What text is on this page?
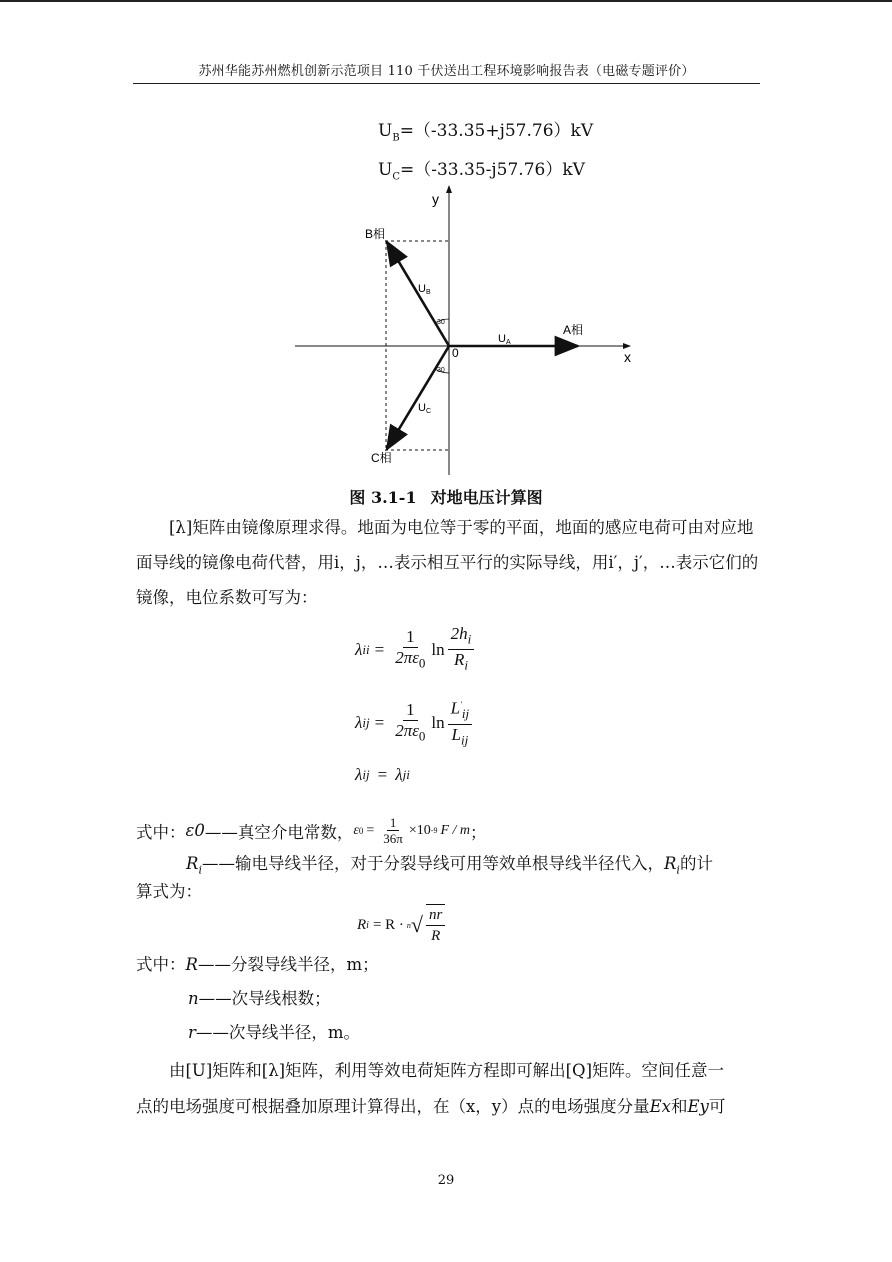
苏州华能苏州燃机创新示范项目 110 千伏送出工程环境影响报告表（电磁专题评价）
$U_B=(-33.35+j57.76)kV$
$U_C=(-33.35-j57.76)kV$
y
x
0
A相
B相
C相
UA
UB
UC
30
30
图 3.1-1 对地电压计算图
[λ]矩阵由镜像原理求得。地面为电位等于零的平面，地面的感应电荷可由对应地面导线的镜像电荷代替，用i，j，…表示相互平行的实际导线，用i′，j′，…表示它们的镜像，电位系数可写为：
λ ii = $\frac{1}{2\pi\varepsilon_0}$ $\ln \frac{2h_i}{R_i}$
λ ij = $\frac{1}{2\pi\varepsilon_0}$ $\ln \frac{L'_{ij}}{L_{ij}}$
λ ij = λ ji
式中： ε0 ——真空介电常数， ε $0 = \frac{1}{36\pi} \times 10$ -9 F / m ；
$R_i——$输电导线半径，对于分裂导线可用等效单根导线半径代入，$R_i$的计
算式为：
R i = R · n √ $\frac{nr}{R}$
式中：R——分裂导线半径，m；
n——次导线根数；
r——次导线半径，m。
由[U]矩阵和[λ]矩阵，利用等效电荷矩阵方程即可解出[Q]矩阵。空间任意一
点的电场强度可根据叠加原理计算得出，在（x，y）点的电场强度分量Ex和Ey可
29
